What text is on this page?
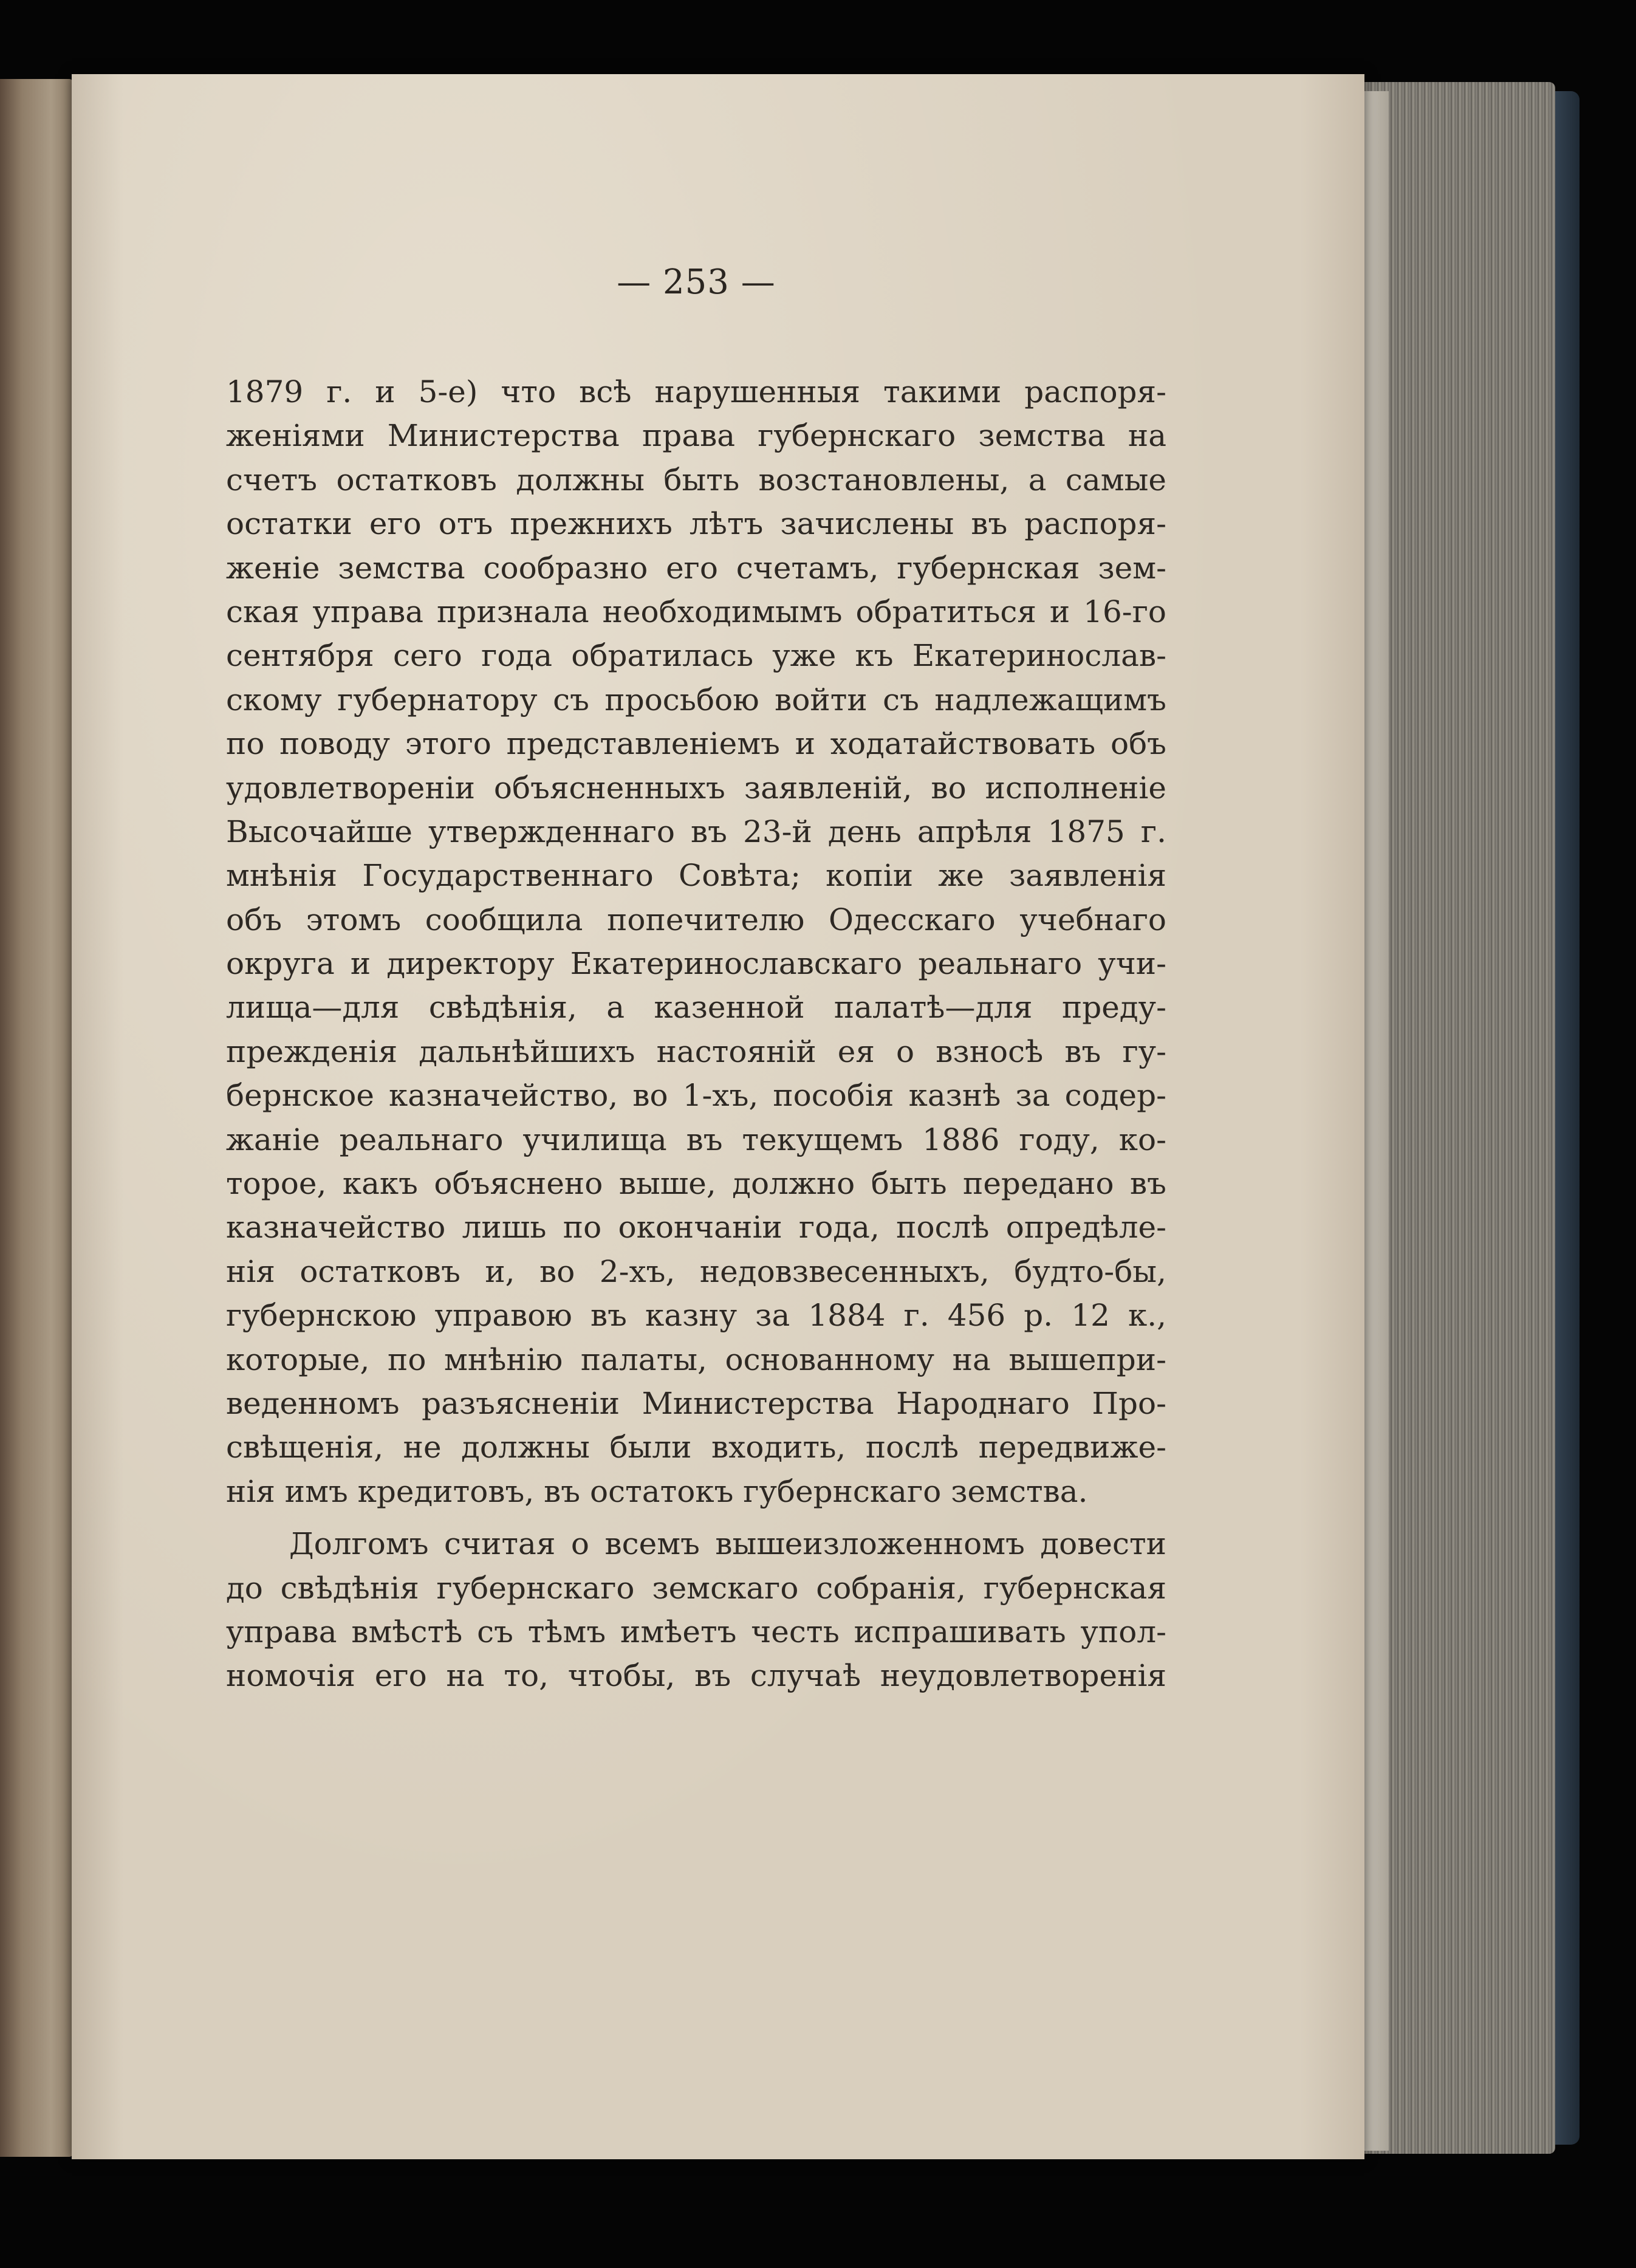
— 253 —
1879 г. и 5-е) что всѣ нарушенныя такими распоря-
женіями Министерства права губернскаго земства на
счетъ остатковъ должны быть возстановлены, а самые
остатки его отъ прежнихъ лѣтъ зачислены въ распоря-
женіе земства сообразно его счетамъ, губернская зем-
ская управа признала необходимымъ обратиться и 16-го
сентября сего года обратилась уже къ Екатеринослав-
скому губернатору съ просьбою войти съ надлежащимъ
по поводу этого представленіемъ и ходатайствовать объ
удовлетвореніи объясненныхъ заявленій, во исполненіе
Высочайше утвержденнаго въ 23-й день апрѣля 1875 г.
мнѣнія Государственнаго Совѣта; копіи же заявленія
объ этомъ сообщила попечителю Одесскаго учебнаго
округа и директору Екатеринославскаго реальнаго учи-
лища—для свѣдѣнія, а казенной палатѣ—для преду-
прежденія дальнѣйшихъ настояній ея о взносѣ въ гу-
бернское казначейство, во 1-хъ, пособія казнѣ за содер-
жаніе реальнаго училища въ текущемъ 1886 году, ко-
торое, какъ объяснено выше, должно быть передано въ
казначейство лишь по окончаніи года, послѣ опредѣле-
нія остатковъ и, во 2-хъ, недовзвесенныхъ, будто-бы,
губернскою управою въ казну за 1884 г. 456 р. 12 к.,
которые, по мнѣнію палаты, основанному на вышепри-
веденномъ разъясненіи Министерства Народнаго Про-
свѣщенія, не должны были входить, послѣ передвиже-
нія имъ кредитовъ, въ остатокъ губернскаго земства.
Долгомъ считая о всемъ вышеизложенномъ довести
до свѣдѣнія губернскаго земскаго собранія, губернская
управа вмѣстѣ съ тѣмъ имѣетъ честь испрашивать упол-
номочія его на то, чтобы, въ случаѣ неудовлетворенія
